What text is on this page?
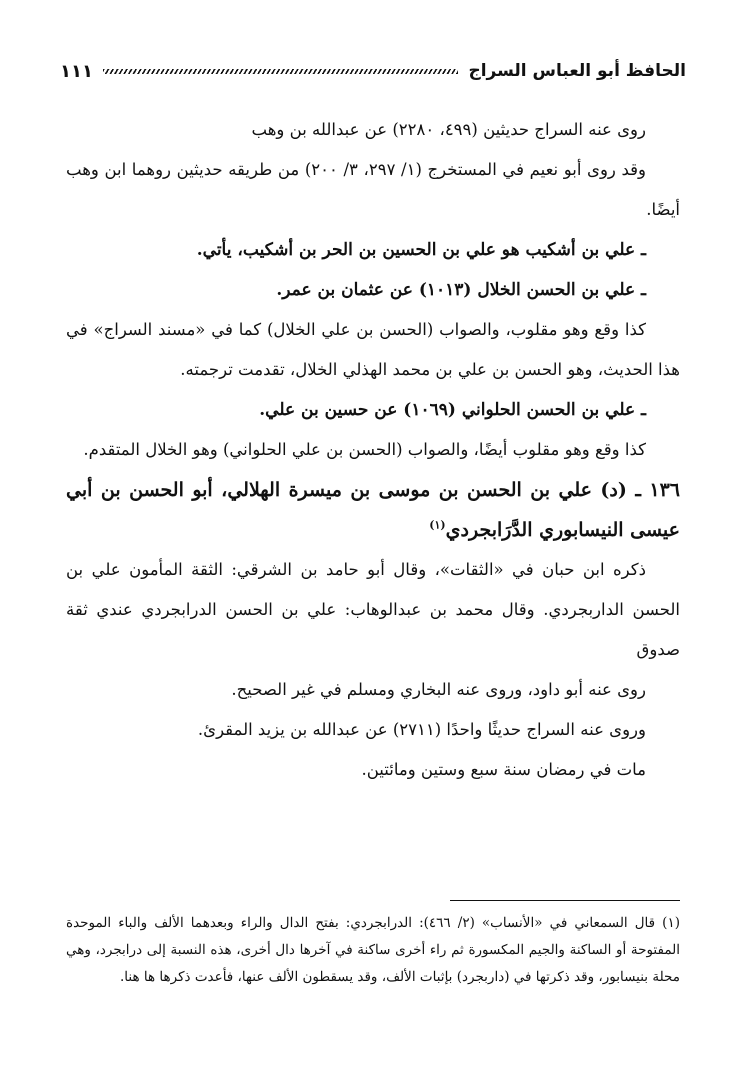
الحافظ أبو العباس السراج
١١١

روى عنه السراج حديثين (٤٩٩، ٢٢٨٠) عن عبدالله بن وهب

وقد روى أبو نعيم في المستخرج (١/ ٢٩٧، ٣/ ٢٠٠) من طريقه حديثين روهما ابن وهب أيضًا.

ـ علي بن أشكيب هو علي بن الحسين بن الحر بن أشكيب، يأتي.

ـ علي بن الحسن الخلال (١٠١٣) عن عثمان بن عمر.

كذا وقع وهو مقلوب، والصواب (الحسن بن علي الخلال) كما في «مسند السراج» في هذا الحديث، وهو الحسن بن علي بن محمد الهذلي الخلال، تقدمت ترجمته.

ـ علي بن الحسن الحلواني (١٠٦٩) عن حسين بن علي.

كذا وقع وهو مقلوب أيضًا، والصواب (الحسن بن علي الحلواني) وهو الخلال المتقدم.

١٣٦ ـ (د) علي بن الحسن بن موسى بن ميسرة الهلالي، أبو الحسن بن أبي عيسى النيسابوري الدَّرَابجردي$^{(١)}$

ذكره ابن حبان في «الثقات»، وقال أبو حامد بن الشرقي: الثقة المأمون علي بن الحسن الداربجردي. وقال محمد بن عبدالوهاب: علي بن الحسن الدرابجردي عندي ثقة صدوق

روى عنه أبو داود، وروى عنه البخاري ومسلم في غير الصحيح.

وروى عنه السراج حديثًا واحدًا (٢٧١١) عن عبدالله بن يزيد المقرئ.

مات في رمضان سنة سبع وستين ومائتين.

(١) قال السمعاني في «الأنساب» (٢/ ٤٦٦): الدرابجردي: بفتح الدال والراء وبعدهما الألف والباء الموحدة المفتوحة أو الساكنة والجيم المكسورة ثم راء أخرى ساكنة في آخرها دال أخرى، هذه النسبة إلى درابجرد، وهي محلة بنيسابور، وقد ذكرتها في (داربجرد) بإثبات الألف، وقد يسقطون الألف عنها، فأعدت ذكرها ها هنا.
